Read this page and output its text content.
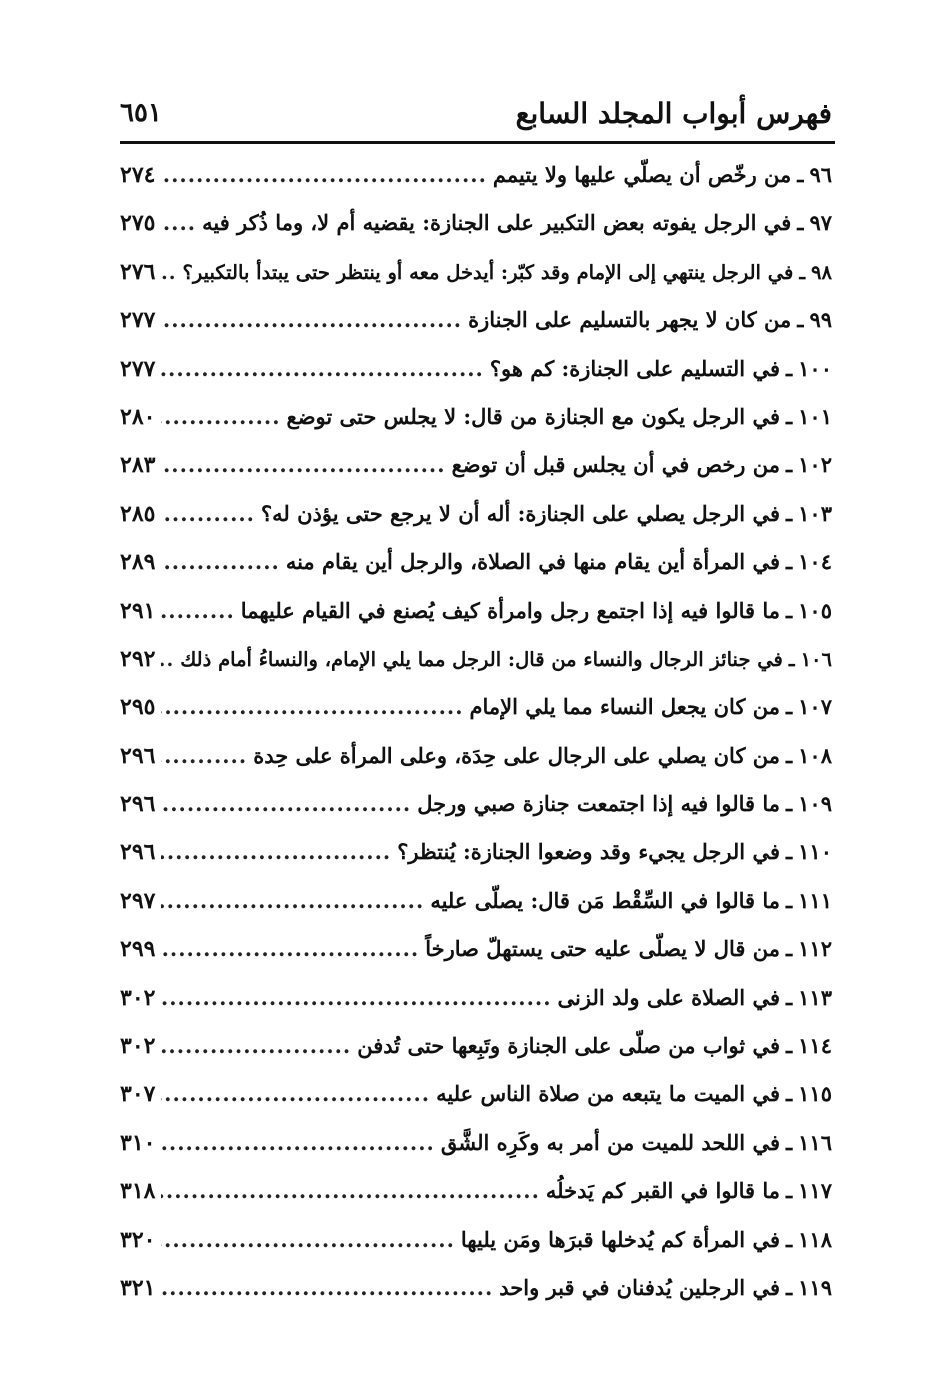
فهرس أبواب المجلد السابع
٦٥١
٩٦
ـ
من رخّص أن يصلّي عليها ولا يتيمم
.....
٢٧٤
٩٧
ـ
في الرجل يفوته بعض التكبير على الجنازة: يقضيه أم لا، وما ذُكر فيه
.....
٢٧٥
٩٨
ـ
في الرجل ينتهي إلى الإمام وقد كبّر: أيدخل معه أو ينتظر حتى يبتدأ بالتكبير؟
.....
٢٧٦
٩٩
ـ
من كان لا يجهر بالتسليم على الجنازة
.....
٢٧٧
١٠٠
ـ
في التسليم على الجنازة: كم هو؟
.....
٢٧٧
١٠١
ـ
في الرجل يكون مع الجنازة من قال: لا يجلس حتى توضع
.....
٢٨٠
١٠٢
ـ
من رخص في أن يجلس قبل أن توضع
.....
٢٨٣
١٠٣
ـ
في الرجل يصلي على الجنازة: أله أن لا يرجع حتى يؤذن له؟
.....
٢٨٥
١٠٤
ـ
في المرأة أين يقام منها في الصلاة، والرجل أين يقام منه
.....
٢٨٩
١٠٥
ـ
ما قالوا فيه إذا اجتمع رجل وامرأة كيف يُصنع في القيام عليهما
.....
٢٩١
١٠٦
ـ
في جنائز الرجال والنساء من قال: الرجل مما يلي الإمام، والنساءُ أمام ذلك
.....
٢٩٢
١٠٧
ـ
من كان يجعل النساء مما يلي الإمام
.....
٢٩٥
١٠٨
ـ
من كان يصلي على الرجال على حِدَة، وعلى المرأة على حِدة
.....
٢٩٦
١٠٩
ـ
ما قالوا فيه إذا اجتمعت جنازة صبي ورجل
.....
٢٩٦
١١٠
ـ
في الرجل يجيء وقد وضعوا الجنازة: يُنتظر؟
.....
٢٩٦
١١١
ـ
ما قالوا في السِّقْط مَن قال: يصلّى عليه
.....
٢٩٧
١١٢
ـ
من قال لا يصلّى عليه حتى يستهلّ صارخاً
.....
٢٩٩
١١٣
ـ
في الصلاة على ولد الزنى
.....
٣٠٢
١١٤
ـ
في ثواب من صلّى على الجنازة وتَبِعها حتى تُدفن
.....
٣٠٢
١١٥
ـ
في الميت ما يتبعه من صلاة الناس عليه
.....
٣٠٧
١١٦
ـ
في اللحد للميت من أمر به وكَرِه الشَّق
.....
٣١٠
١١٧
ـ
ما قالوا في القبر كم يَدخلُه
.....
٣١٨
١١٨
ـ
في المرأة كم يُدخلها قبرَها ومَن يليها
.....
٣٢٠
١١٩
ـ
في الرجلين يُدفنان في قبر واحد
.....
٣٢١
